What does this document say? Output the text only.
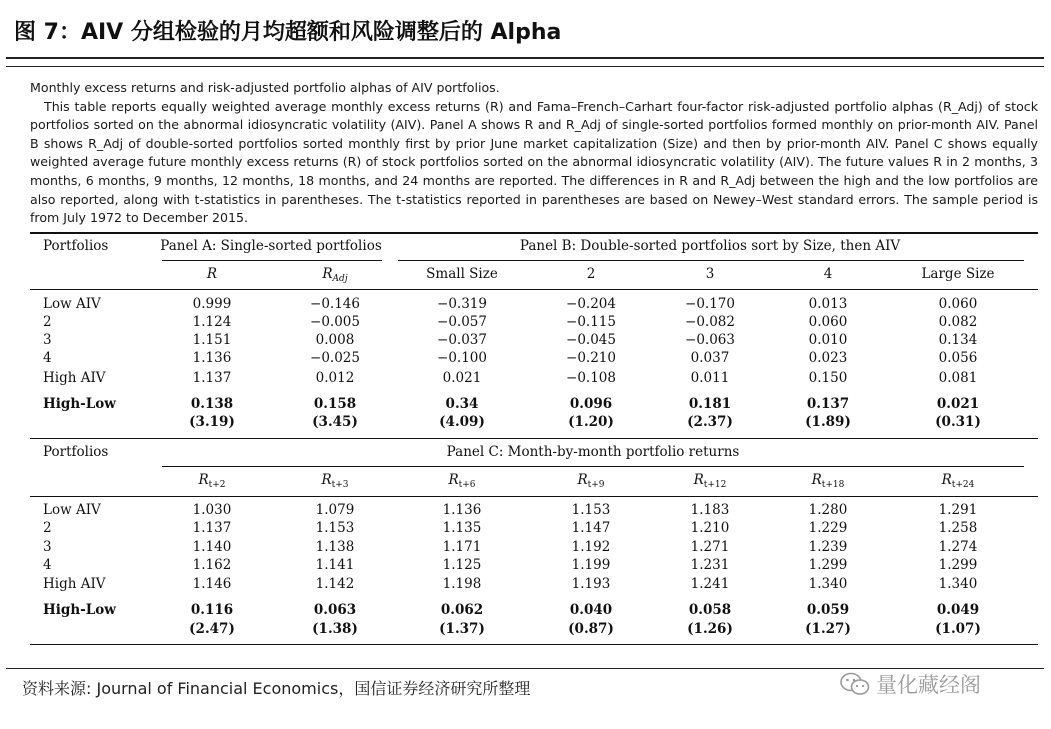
图 7：AIV 分组检验的月均超额和风险调整后的 Alpha
Monthly excess returns and risk-adjusted portfolio alphas of AIV portfolios.
This table reports equally weighted average monthly excess returns (R) and Fama–French–Carhart four-factor risk-adjusted portfolio alphas (R_Adj) of stock portfolios sorted on the abnormal idiosyncratic volatility (AIV). Panel A shows R and R_Adj of single-sorted portfolios formed monthly on prior-month AIV. Panel B shows R_Adj of double-sorted portfolios sorted monthly first by prior June market capitalization (Size) and then by prior-month AIV. Panel C shows equally weighted average future monthly excess returns (R) of stock portfolios sorted on the abnormal idiosyncratic volatility (AIV). The future values R in 2 months, 3 months, 6 months, 9 months, 12 months, 18 months, and 24 months are reported. The differences in R and R_Adj between the high and the low portfolios are also reported, along with t-statistics in parentheses. The t-statistics reported in parentheses are based on Newey–West standard errors. The sample period is from July 1972 to December 2015.
Portfolios	Panel A: Single-sorted portfolios	Panel B: Double-sorted portfolios sort by Size, then AIV
R	$R_{Adj}$	Small Size	2	3	4	Large Size
Low AIV	0.999	−0.146	−0.319	−0.204	−0.170	0.013	0.060
2	1.124	−0.005	−0.057	−0.115	−0.082	0.060	0.082
3	1.151	0.008	−0.037	−0.045	−0.063	0.010	0.134
4	1.136	−0.025	−0.100	−0.210	0.037	0.023	0.056
High AIV	1.137	0.012	0.021	−0.108	0.011	0.150	0.081
High-Low	0.138	0.158	0.34	0.096	0.181	0.137	0.021
(3.19)	(3.45)	(4.09)	(1.20)	(2.37)	(1.89)	(0.31)
Portfolios	Panel C: Month-by-month portfolio returns
$R_{t+2}$	$R_{t+3}$	$R_{t+6}$	$R_{t+9}$	$R_{t+12}$	$R_{t+18}$	$R_{t+24}$
Low AIV	1.030	1.079	1.136	1.153	1.183	1.280	1.291
2	1.137	1.153	1.135	1.147	1.210	1.229	1.258
3	1.140	1.138	1.171	1.192	1.271	1.239	1.274
4	1.162	1.141	1.125	1.199	1.231	1.299	1.299
High AIV	1.146	1.142	1.198	1.193	1.241	1.340	1.340
High-Low	0.116	0.063	0.062	0.040	0.058	0.059	0.049
(2.47)	(1.38)	(1.37)	(0.87)	(1.26)	(1.27)	(1.07)
资料来源: Journal of Financial Economics，国信证券经济研究所整理	量化藏经阁
